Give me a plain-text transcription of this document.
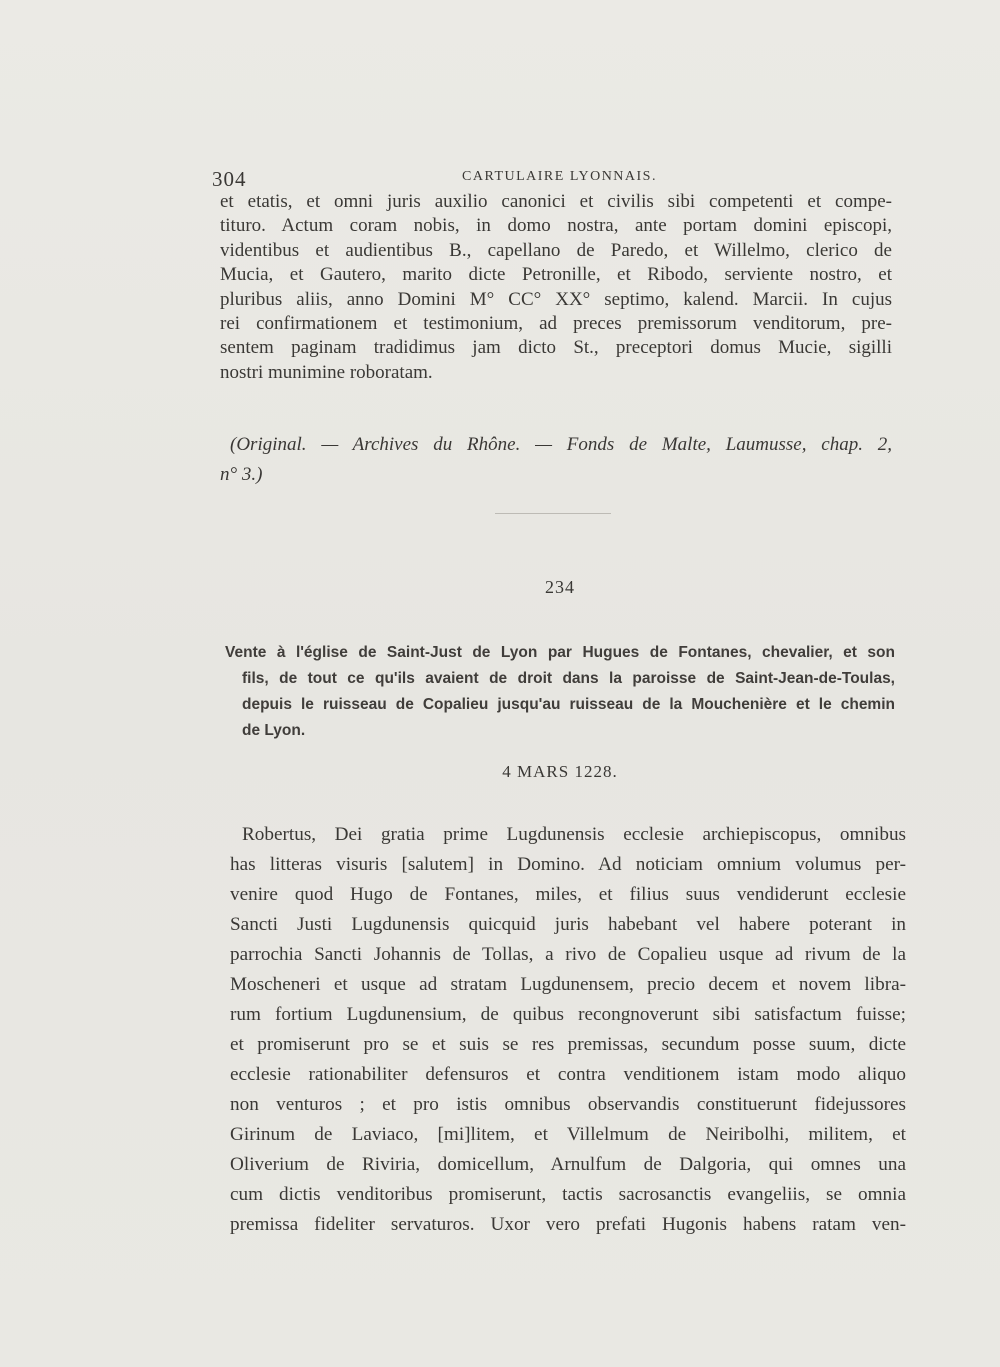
304	CARTULAIRE LYONNAIS.
et etatis, et omni juris auxilio canonici et civilis sibi competenti et compe-
tituro. Actum coram nobis, in domo nostra, ante portam domini episcopi,
videntibus et audientibus B., capellano de Paredo, et Willelmo, clerico de
Mucia, et Gautero, marito dicte Petronille, et Ribodo, serviente nostro, et
pluribus aliis, anno Domini M° CC° XX° septimo, kalend. Marcii. In cujus
rei confirmationem et testimonium, ad preces premissorum venditorum, pre-
sentem paginam tradidimus jam dicto St., preceptori domus Mucie, sigilli
nostri munimine roboratam.
(Original. — Archives du Rhône. — Fonds de Malte, Laumusse, chap. 2,
n° 3.)
234
Vente à l'église de Saint-Just de Lyon par Hugues de Fontanes, chevalier, et son
fils, de tout ce qu'ils avaient de droit dans la paroisse de Saint-Jean-de-Toulas,
depuis le ruisseau de Copalieu jusqu'au ruisseau de la Mouchenière et le chemin
de Lyon.
4 MARS 1228.
Robertus, Dei gratia prime Lugdunensis ecclesie archiepiscopus, omnibus
has litteras visuris [salutem] in Domino. Ad noticiam omnium volumus per-
venire quod Hugo de Fontanes, miles, et filius suus vendiderunt ecclesie
Sancti Justi Lugdunensis quicquid juris habebant vel habere poterant in
parrochia Sancti Johannis de Tollas, a rivo de Copalieu usque ad rivum de la
Moscheneri et usque ad stratam Lugdunensem, precio decem et novem libra-
rum fortium Lugdunensium, de quibus recongnoverunt sibi satisfactum fuisse;
et promiserunt pro se et suis se res premissas, secundum posse suum, dicte
ecclesie rationabiliter defensuros et contra venditionem istam modo aliquo
non venturos ; et pro istis omnibus observandis constituerunt fidejussores
Girinum de Laviaco, [mi]litem, et Villelmum de Neiribolhi, militem, et
Oliverium de Riviria, domicellum, Arnulfum de Dalgoria, qui omnes una
cum dictis venditoribus promiserunt, tactis sacrosanctis evangeliis, se omnia
premissa fideliter servaturos. Uxor vero prefati Hugonis habens ratam ven-
